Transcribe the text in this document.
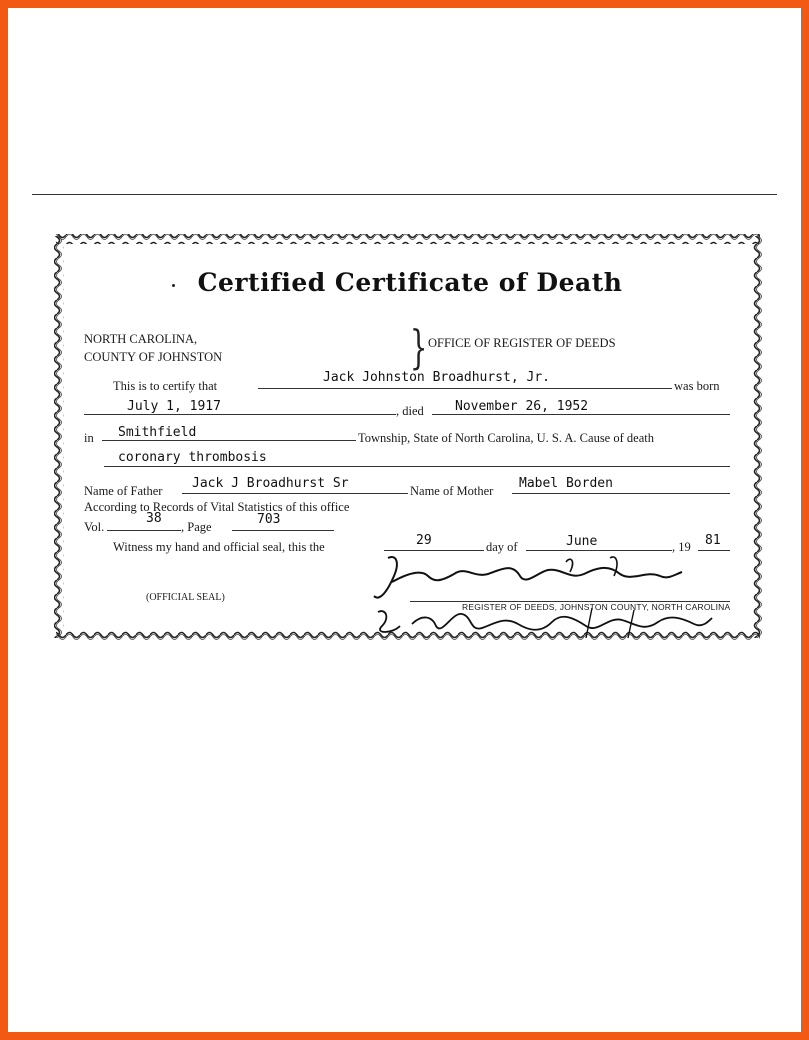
Certified Certificate of Death
NORTH CAROLINA,
COUNTY OF JOHNSTON	} OFFICE OF REGISTER OF DEEDS
This is to certify that
Jack Johnston Broadhurst, Jr.
was born
July 1, 1917	, died November 26, 1952
in Smithfield	Township, State of North Carolina, U. S. A. Cause of death
coronary thrombosis
Name of Father Jack J Broadhurst Sr	Name of Mother Mabel Borden
According to Records of Vital Statistics of this office
Vol.
38
, Page	703
Witness my hand and official seal, this the	29	day of	June	, 19 81
(OFFICIAL SEAL)
REGISTER OF DEEDS, JOHNSTON COUNTY, NORTH CAROLINA
